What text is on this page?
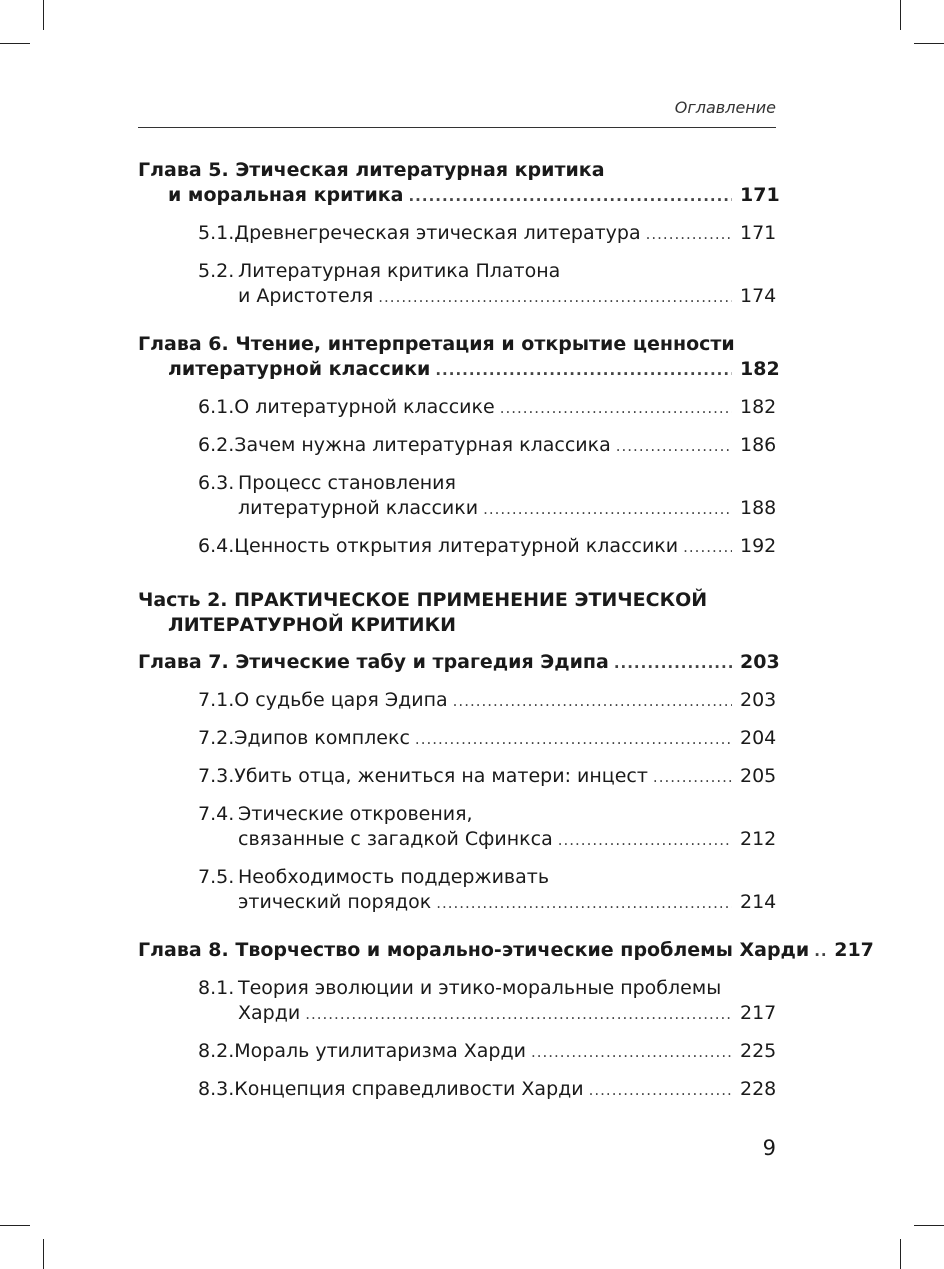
Оглавление
Глава 5. Этическая литературная критика
и моральная критика .....	171
5.1. Древнегреческая этическая литература .....	171
5.2. Литературная критика Платона
и Аристотеля .....	174
Глава 6. Чтение, интерпретация и открытие ценности
литературной классики .....	182
6.1. О литературной классике .....	182
6.2. Зачем нужна литературная классика .....	186
6.3. Процесс становления
литературной классики .....	188
6.4. Ценность открытия литературной классики .....	192
Часть 2. ПРАКТИЧЕСКОЕ ПРИМЕНЕНИЕ ЭТИЧЕСКОЙ
ЛИТЕРАТУРНОЙ КРИТИКИ
Глава 7. Этические табу и трагедия Эдипа .....	203
7.1. О судьбе царя Эдипа .....	203
7.2. Эдипов комплекс .....	204
7.3. Убить отца, жениться на матери: инцест .....	205
7.4. Этические откровения,
связанные с загадкой Сфинкса .....	212
7.5. Необходимость поддерживать
этический порядок .....	214
Глава 8. Творчество и морально-этические проблемы Харди ..... 217
8.1. Теория эволюции и этико-моральные проблемы
Харди .....	217
8.2. Мораль утилитаризма Харди .....	225
8.3. Концепция справедливости Харди .....	228
9
